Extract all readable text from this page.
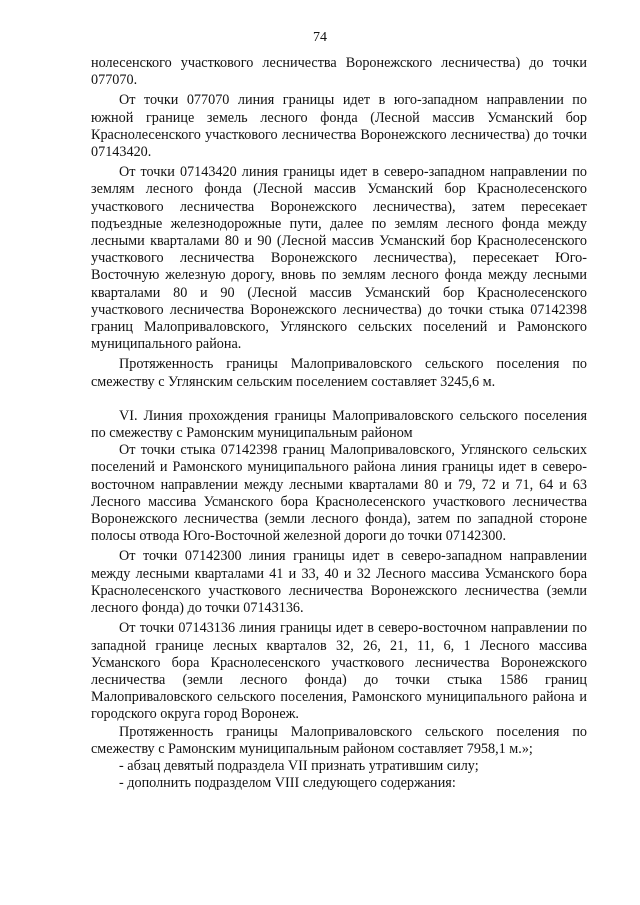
74

нолесенского участкового лесничества Воронежского лесничества) до точки 077070.

От точки 077070 линия границы идет в юго-западном направлении по южной границе земель лесного фонда (Лесной массив Усманский бор Краснолесенского участкового лесничества Воронежского лесничества) до точки 07143420.

От точки 07143420 линия границы идет в северо-западном направлении по землям лесного фонда (Лесной массив Усманский бор Краснолесенского участкового лесничества Воронежского лесничества), затем пересекает подъездные железнодорожные пути, далее по землям лесного фонда между лесными кварталами 80 и 90 (Лесной массив Усманский бор Краснолесенского участкового лесничества Воронежского лесничества), пересекает Юго-Восточную железную дорогу, вновь по землям лесного фонда между лесными кварталами 80 и 90 (Лесной массив Усманский бор Краснолесенского участкового лесничества Воронежского лесничества) до точки стыка 07142398 границ Малоприваловского, Углянского сельских поселений и Рамонского муниципального района.

Протяженность границы Малоприваловского сельского поселения по смежеству с Углянским сельским поселением составляет 3245,6 м.

VI. Линия прохождения границы Малоприваловского сельского поселения по смежеству с Рамонским муниципальным районом

От точки стыка 07142398 границ Малоприваловского, Углянского сельских поселений и Рамонского муниципального района линия границы идет в северо-восточном направлении между лесными кварталами 80 и 79, 72 и 71, 64 и 63 Лесного массива Усманского бора Краснолесенского участкового лесничества Воронежского лесничества (земли лесного фонда), затем по западной стороне полосы отвода Юго-Восточной железной дороги до точки 07142300.

От точки 07142300 линия границы идет в северо-западном направлении между лесными кварталами 41 и 33, 40 и 32 Лесного массива Усманского бора Краснолесенского участкового лесничества Воронежского лесничества (земли лесного фонда) до точки 07143136.

От точки 07143136 линия границы идет в северо-восточном направлении по западной границе лесных кварталов 32, 26, 21, 11, 6, 1 Лесного массива Усманского бора Краснолесенского участкового лесничества Воронежского лесничества (земли лесного фонда) до точки стыка 1586 границ Малоприваловского сельского поселения, Рамонского муниципального района и городского округа город Воронеж.

Протяженность границы Малоприваловского сельского поселения по смежеству с Рамонским муниципальным районом составляет 7958,1 м.»;

- абзац девятый подраздела VII признать утратившим силу;

- дополнить подразделом VIII следующего содержания:
